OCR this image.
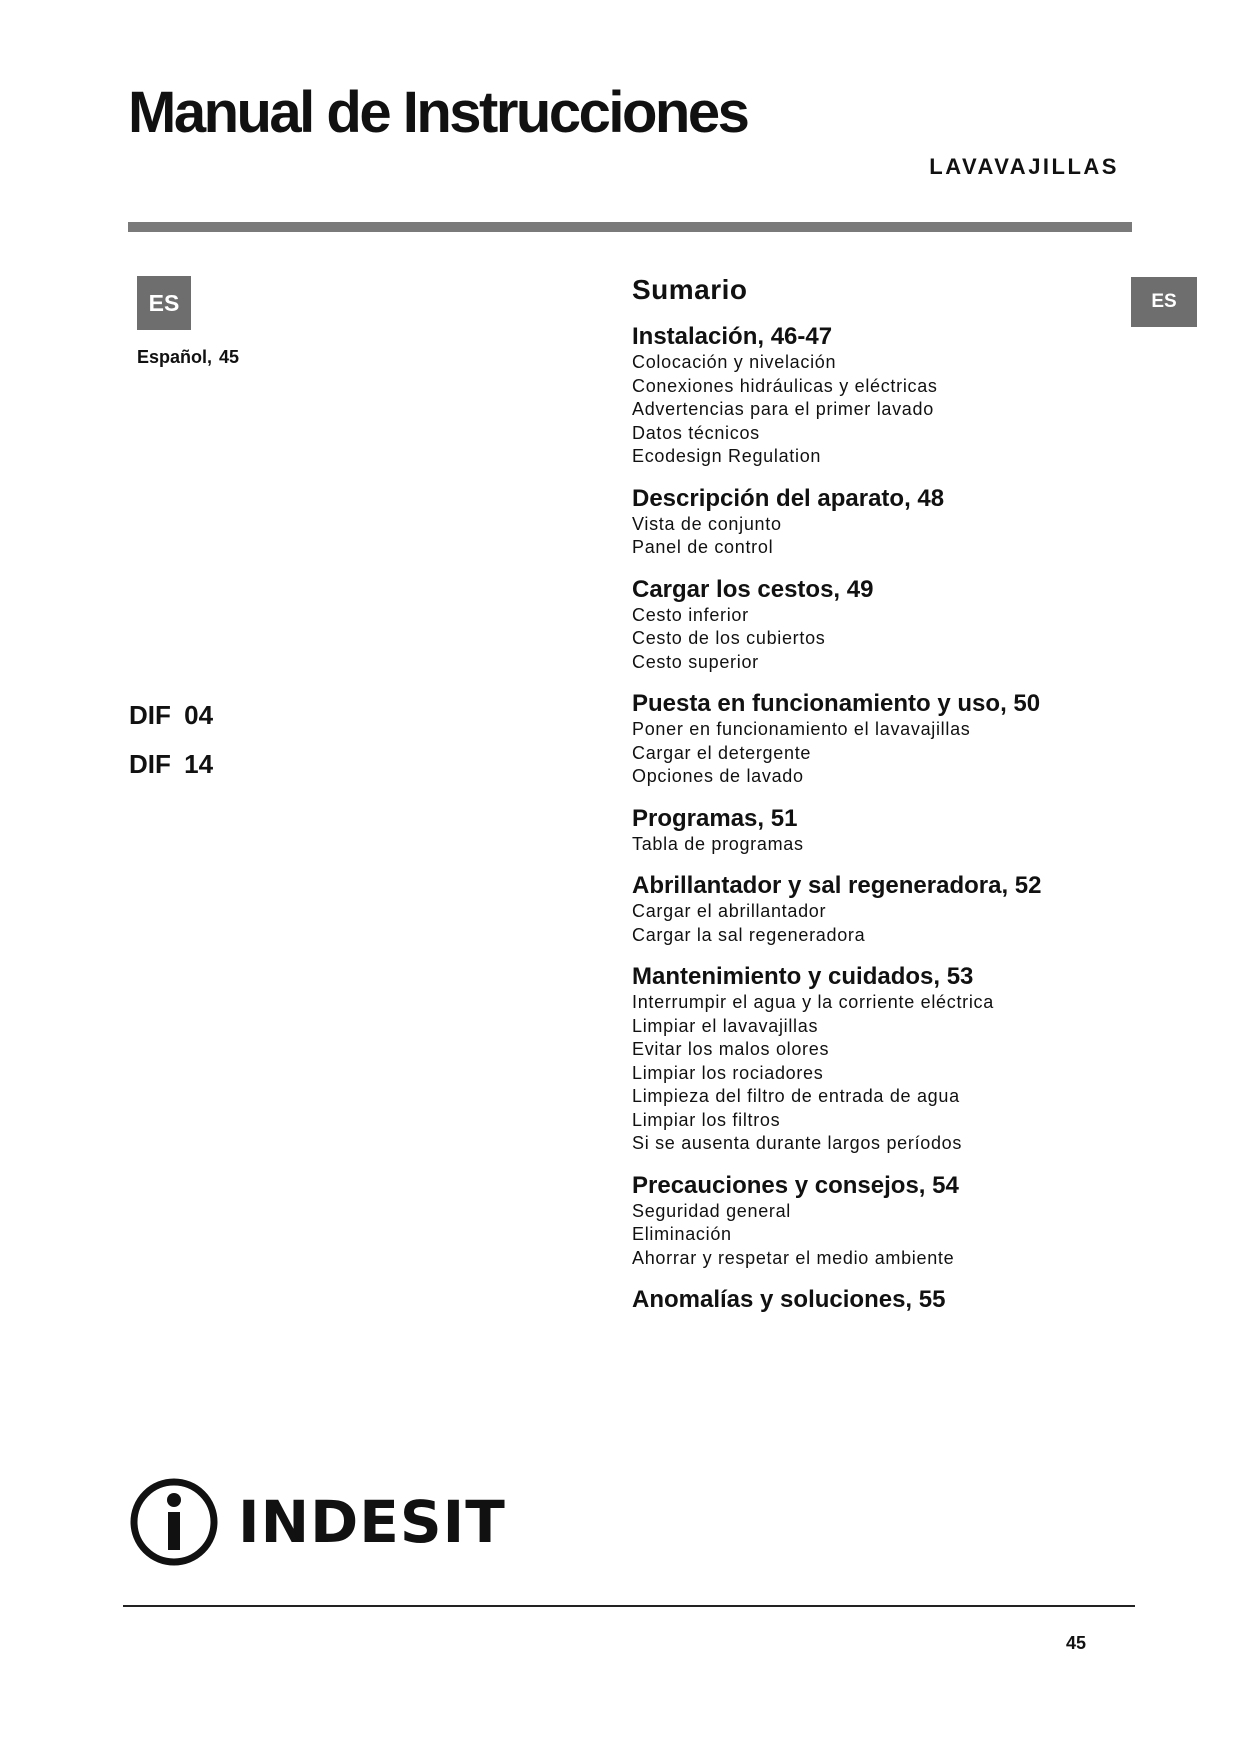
Manual de Instrucciones
LAVAVAJILLAS
ES	ES
Español, 45
DIF 04
DIF 14
Sumario
Instalación, 46-47
Colocación y nivelación
Conexiones hidráulicas y eléctricas
Advertencias para el primer lavado
Datos técnicos
Ecodesign Regulation
Descripción del aparato, 48
Vista de conjunto
Panel de control
Cargar los cestos, 49
Cesto inferior
Cesto de los cubiertos
Cesto superior
Puesta en funcionamiento y uso, 50
Poner en funcionamiento el lavavajillas
Cargar el detergente
Opciones de lavado
Programas, 51
Tabla de programas
Abrillantador y sal regeneradora, 52
Cargar el abrillantador
Cargar la sal regeneradora
Mantenimiento y cuidados, 53
Interrumpir el agua y la corriente eléctrica
Limpiar el lavavajillas
Evitar los malos olores
Limpiar los rociadores
Limpieza del filtro de entrada de agua
Limpiar los filtros
Si se ausenta durante largos períodos
Precauciones y consejos, 54
Seguridad general
Eliminación
Ahorrar y respetar el medio ambiente
Anomalías y soluciones, 55
INDESIT
45
